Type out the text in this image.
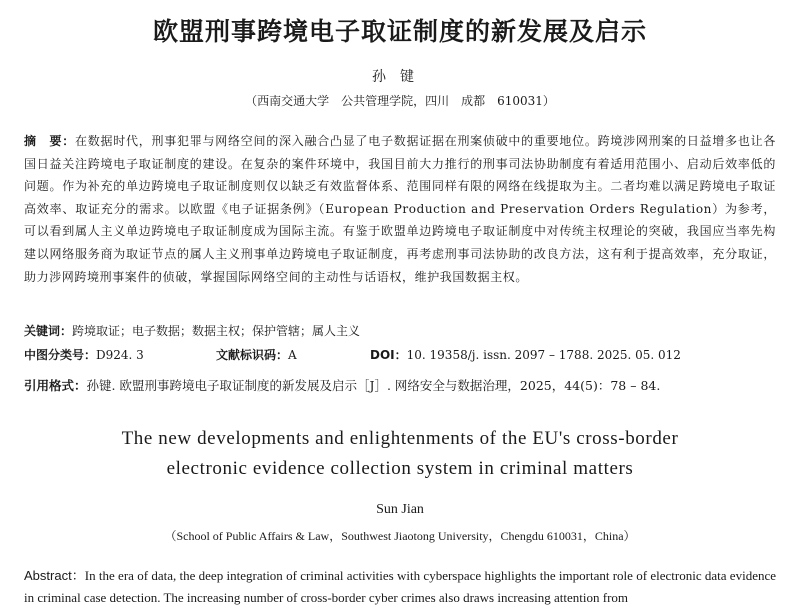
欧盟刑事跨境电子取证制度的新发展及启示
孙键
（西南交通大学　公共管理学院，四川　成都　610031）
摘　要：在数据时代，刑事犯罪与网络空间的深入融合凸显了电子数据证据在刑案侦破中的重要地位。跨境涉网刑案的日益增多也让各国日益关注跨境电子取证制度的建设。在复杂的案件环境中，我国目前大力推行的刑事司法协助制度有着适用范围小、启动后效率低的问题。作为补充的单边跨境电子取证制度则仅以缺乏有效监督体系、范围同样有限的网络在线提取为主。二者均难以满足跨境电子取证高效率、取证充分的需求。以欧盟《电子证据条例》（European Production and Preservation Orders Regulation）为参考，可以看到属人主义单边跨境电子取证制度成为国际主流。有鉴于欧盟单边跨境电子取证制度中对传统主权理论的突破，我国应当率先构建以网络服务商为取证节点的属人主义刑事单边跨境电子取证制度，再考虑刑事司法协助的改良方法，这有利于提高效率，充分取证，助力涉网跨境刑事案件的侦破，掌握国际网络空间的主动性与话语权，维护我国数据主权。
关键词：跨境取证；电子数据；数据主权；保护管辖；属人主义
中图分类号：D924. 3	文献标识码：A	DOI：10. 19358/j. issn. 2097 – 1788. 2025. 05. 012
引用格式：孙键. 欧盟刑事跨境电子取证制度的新发展及启示［J］. 网络安全与数据治理，2025，44(5)：78 – 84.
The new developments and enlightenments of the EU's cross-border
electronic evidence collection system in criminal matters
Sun Jian
（School of Public Affairs & Law，Southwest Jiaotong University，Chengdu 610031，China）
Abstract：In the era of data, the deep integration of criminal activities with cyberspace highlights the important role of electronic data evidence in criminal case detection. The increasing number of cross-border cyber crimes also draws increasing attention from
